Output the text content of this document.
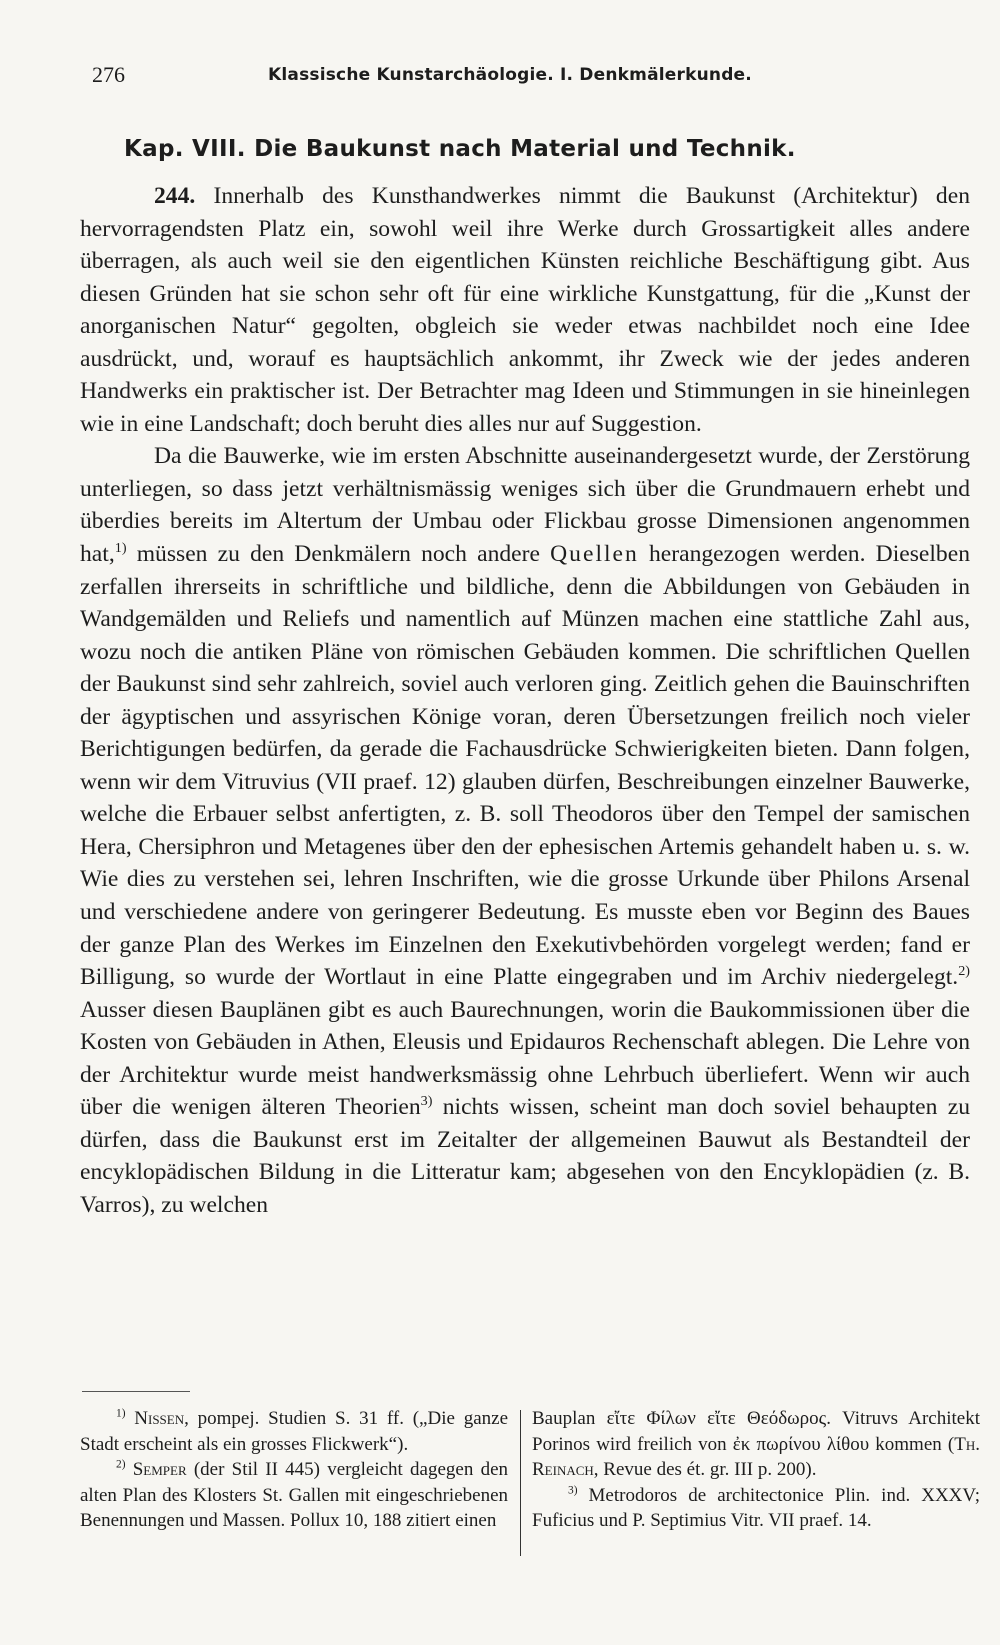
276	Klassische Kunstarchäologie. I. Denkmälerkunde.
Kap. VIII. Die Baukunst nach Material und Technik.

244. Innerhalb des Kunsthandwerkes nimmt die Baukunst (Architektur) den hervorragendsten Platz ein, sowohl weil ihre Werke durch Grossartigkeit alles andere überragen, als auch weil sie den eigentlichen Künsten reichliche Beschäftigung gibt. Aus diesen Gründen hat sie schon sehr oft für eine wirkliche Kunstgattung, für die „Kunst der anorganischen Natur“ gegolten, obgleich sie weder etwas nachbildet noch eine Idee ausdrückt, und, worauf es hauptsächlich ankommt, ihr Zweck wie der jedes anderen Handwerks ein praktischer ist. Der Betrachter mag Ideen und Stimmungen in sie hineinlegen wie in eine Landschaft; doch beruht dies alles nur auf Suggestion.

Da die Bauwerke, wie im ersten Abschnitte auseinandergesetzt wurde, der Zerstörung unterliegen, so dass jetzt verhältnismässig weniges sich über die Grundmauern erhebt und überdies bereits im Altertum der Umbau oder Flickbau grosse Dimensionen angenommen hat,$^{1)}$ müssen zu den Denkmälern noch andere Quellen herangezogen werden. Dieselben zerfallen ihrerseits in schriftliche und bildliche, denn die Abbildungen von Gebäuden in Wandgemälden und Reliefs und namentlich auf Münzen machen eine stattliche Zahl aus, wozu noch die antiken Pläne von römischen Gebäuden kommen. Die schriftlichen Quellen der Baukunst sind sehr zahlreich, soviel auch verloren ging. Zeitlich gehen die Bauinschriften der ägyptischen und assyrischen Könige voran, deren Übersetzungen freilich noch vieler Berichtigungen bedürfen, da gerade die Fachausdrücke Schwierigkeiten bieten. Dann folgen, wenn wir dem Vitruvius (VII praef. 12) glauben dürfen, Beschreibungen einzelner Bauwerke, welche die Erbauer selbst anfertigten, z. B. soll Theodoros über den Tempel der samischen Hera, Chersiphron und Metagenes über den der ephesischen Artemis gehandelt haben u. s. w. Wie dies zu verstehen sei, lehren Inschriften, wie die grosse Urkunde über Philons Arsenal und verschiedene andere von geringerer Bedeutung. Es musste eben vor Beginn des Baues der ganze Plan des Werkes im Einzelnen den Exekutivbehörden vorgelegt werden; fand er Billigung, so wurde der Wortlaut in eine Platte eingegraben und im Archiv niedergelegt.$^{2)}$ Ausser diesen Bauplänen gibt es auch Baurechnungen, worin die Baukommissionen über die Kosten von Gebäuden in Athen, Eleusis und Epidauros Rechenschaft ablegen. Die Lehre von der Architektur wurde meist handwerksmässig ohne Lehrbuch überliefert. Wenn wir auch über die wenigen älteren Theorien$^{3)}$ nichts wissen, scheint man doch soviel behaupten zu dürfen, dass die Baukunst erst im Zeitalter der allgemeinen Bauwut als Bestandteil der encyklopädischen Bildung in die Litteratur kam; abgesehen von den Encyklopädien (z. B. Varros), zu welchen

$^{1)}$ Nissen, pompej. Studien S. 31 ff. („Die ganze Stadt erscheint als ein grosses Flickwerk“).

$^{2)}$ Semper (der Stil II 445) vergleicht dagegen den alten Plan des Klosters St. Gallen mit eingeschriebenen Benennungen und Massen. Pollux 10, 188 zitiert einen

Bauplan εἴτε Φίλων εἴτε Θεόδωρος. Vitruvs Architekt Porinos wird freilich von ἐκ πωρίνου λίθου kommen (Th. Reinach, Revue des ét. gr. III p. 200).

$^{3)}$ Metrodoros de architectonice Plin. ind. XXXV; Fuficius und P. Septimius Vitr. VII praef. 14.
